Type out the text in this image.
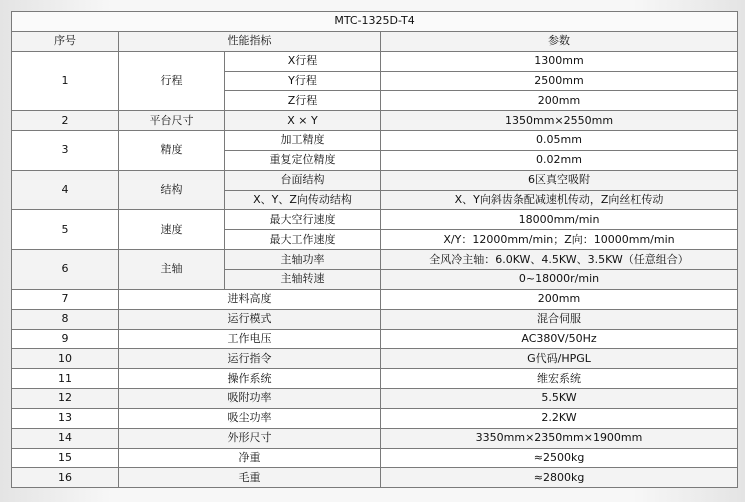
MTC-1325D-T4			
序号	性能指标		参数
1	行程	X行程	1300mm
		Y行程	2500mm
		Z行程	200mm
2	平台尺寸	X × Y	1350mm×2550mm
3	精度	加工精度	0.05mm
		重复定位精度	0.02mm
4	结构	台面结构	6区真空吸附
		X、Y、Z向传动结构	X、Y向斜齿条配减速机传动，Z向丝杠传动
5	速度	最大空行速度	18000mm/min
		最大工作速度	X/Y：12000mm/min；Z向：10000mm/min
6	主轴	主轴功率	全风冷主轴：6.0KW、4.5KW、3.5KW（任意组合）
		主轴转速	0~18000r/min
7	进料高度		200mm
8	运行模式		混合伺服
9	工作电压		AC380V/50Hz
10	运行指令		G代码/HPGL
11	操作系统		维宏系统
12	吸附功率		5.5KW
13	吸尘功率		2.2KW
14	外形尺寸		3350mm×2350mm×1900mm
15	净重		≈2500kg
16	毛重		≈2800kg
